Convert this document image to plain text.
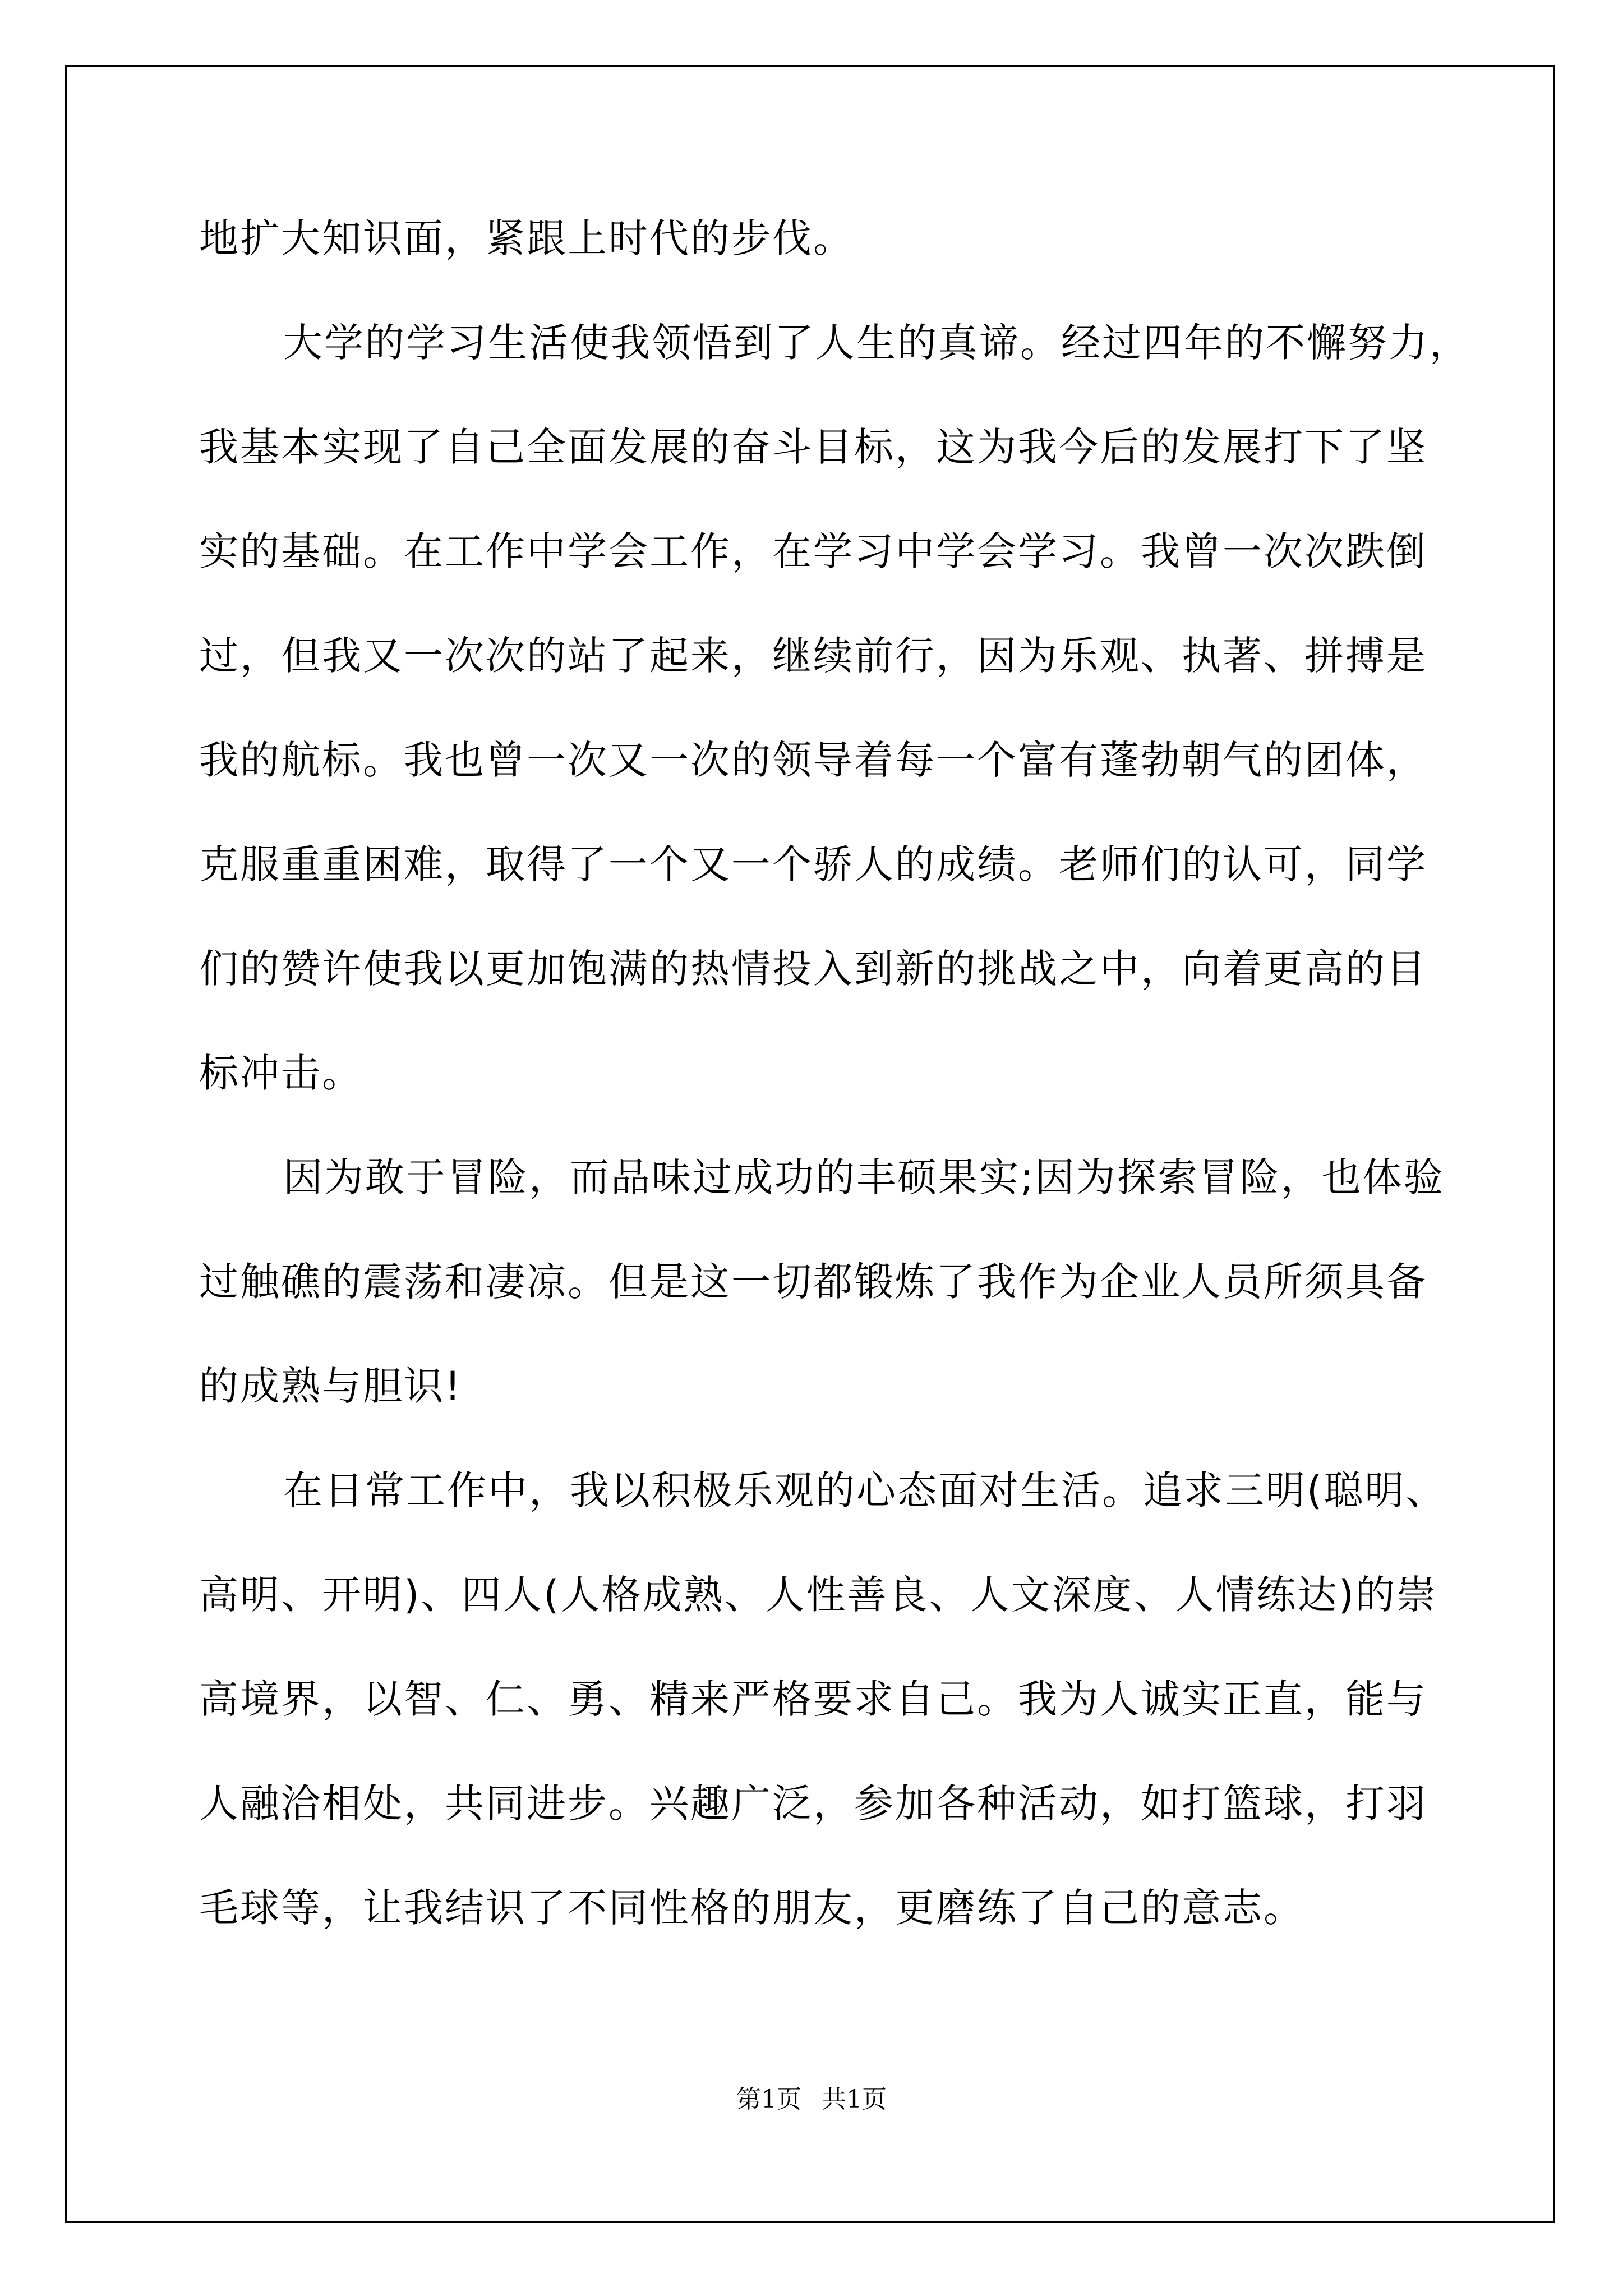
地扩大知识面，紧跟上时代的步伐。
大学的学习生活使我领悟到了人生的真谛。经过四年的不懈努力，
我基本实现了自己全面发展的奋斗目标，这为我今后的发展打下了坚
实的基础。在工作中学会工作，在学习中学会学习。我曾一次次跌倒
过，但我又一次次的站了起来，继续前行，因为乐观、执著、拼搏是
我的航标。我也曾一次又一次的领导着每一个富有蓬勃朝气的团体，
克服重重困难，取得了一个又一个骄人的成绩。老师们的认可，同学
们的赞许使我以更加饱满的热情投入到新的挑战之中，向着更高的目
标冲击。
因为敢于冒险，而品味过成功的丰硕果实;因为探索冒险，也体验
过触礁的震荡和凄凉。但是这一切都锻炼了我作为企业人员所须具备
的成熟与胆识!
在日常工作中，我以积极乐观的心态面对生活。追求三明(聪明、
高明、开明)、四人(人格成熟、人性善良、人文深度、人情练达)的崇
高境界，以智、仁、勇、精来严格要求自己。我为人诚实正直，能与
人融洽相处，共同进步。兴趣广泛，参加各种活动，如打篮球，打羽
毛球等，让我结识了不同性格的朋友，更磨练了自己的意志。
第1页 共1页
